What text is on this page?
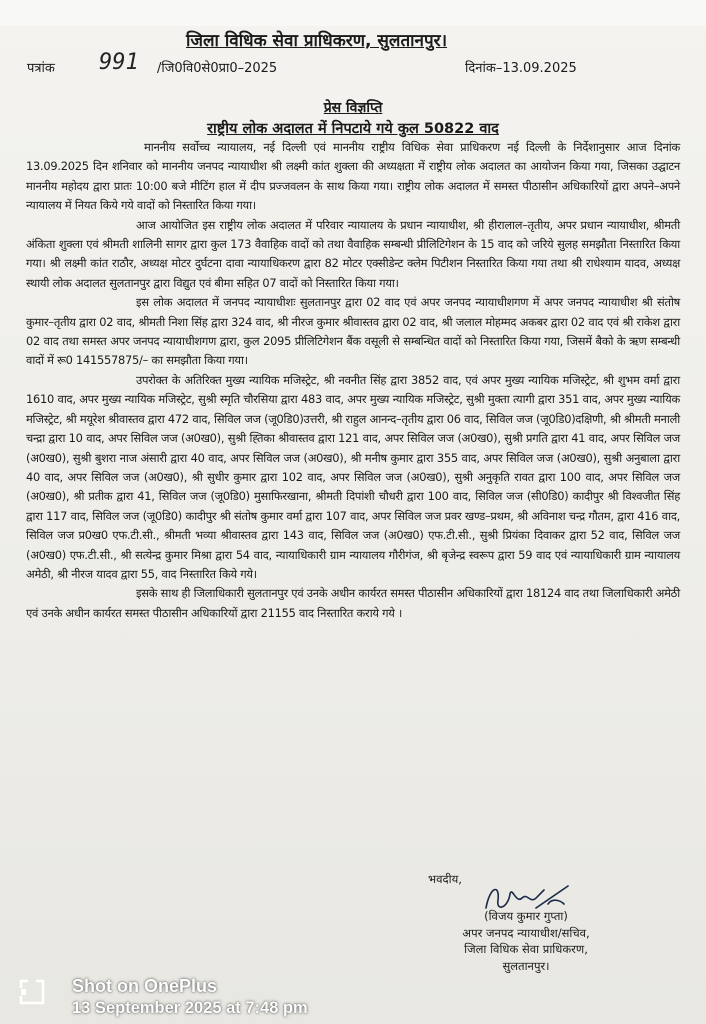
जिला विधिक सेवा प्राधिकरण, सुलतानपुर।
पत्रांक 991 /जि0वि0से0प्रा0–2025	दिनांक–13.09.2025
प्रेस विज्ञप्ति
राष्ट्रीय लोक अदालत में निपटाये गये कुल 50822 वाद

माननीय सर्वोच्च न्यायालय, नई दिल्ली एवं माननीय राष्ट्रीय विधिक सेवा प्राधिकरण नई दिल्ली के निर्देशानुसार आज दिनांक 13.09.2025 दिन शनिवार को माननीय जनपद न्यायाधीश श्री लक्ष्मी कांत शुक्ला की अध्यक्षता में राष्ट्रीय लोक अदालत का आयोजन किया गया, जिसका उद्घाटन माननीय महोदय द्वारा प्रातः 10:00 बजे मीटिंग हाल में दीप प्रज्जवलन के साथ किया गया। राष्ट्रीय लोक अदालत में समस्त पीठासीन अधिकारियों द्वारा अपने–अपने न्यायालय में नियत किये गये वादों को निस्तारित किया गया।

आज आयोजित इस राष्ट्रीय लोक अदालत में परिवार न्यायालय के प्रधान न्यायाधीश, श्री हीरालाल–तृतीय, अपर प्रधान न्यायाधीश, श्रीमती अंकिता शुक्ला एवं श्रीमती शालिनी सागर द्वारा कुल 173 वैवाहिक वादों को तथा वैवाहिक सम्बन्धी प्रीलिटिगेशन के 15 वाद को जरिये सुलह समझौता निस्तारित किया गया। श्री लक्ष्मी कांत राठौर, अध्यक्ष मोटर दुर्घटना दावा न्यायाधिकरण द्वारा 82 मोटर एक्सीडेन्ट क्लेम पिटीशन निस्तारित किया गया तथा श्री राधेश्याम यादव, अध्यक्ष स्थायी लोक अदालत सुलतानपुर द्वारा विद्युत एवं बीमा सहित 07 वादों को निस्तारित किया गया।

इस लोक अदालत में जनपद न्यायाधीशः सुलतानपुर द्वारा 02 वाद एवं अपर जनपद न्यायाधीशगण में अपर जनपद न्यायाधीश श्री संतोष कुमार–तृतीय द्वारा 02 वाद, श्रीमती निशा सिंह द्वारा 324 वाद, श्री नीरज कुमार श्रीवास्तव द्वारा 02 वाद, श्री जलाल मोहम्मद अकबर द्वारा 02 वाद एवं श्री राकेश द्वारा 02 वाद तथा समस्त अपर जनपद न्यायाधीशगण द्वारा, कुल 2095 प्रीलिटिगेशन बैंक वसूली से सम्बन्धित वादों को निस्तारित किया गया, जिसमें बैको के ऋण सम्बन्धी वादों में रू0 141557875/– का समझौता किया गया।

उपरोक्त के अतिरिक्त मुख्य न्यायिक मजिस्ट्रेट, श्री नवनीत सिंह द्वारा 3852 वाद, एवं अपर मुख्य न्यायिक मजिस्ट्रेट, श्री शुभम वर्मा द्वारा 1610 वाद, अपर मुख्य न्यायिक मजिस्ट्रेट, सुश्री स्मृति चौरसिया द्वारा 483 वाद, अपर मुख्य न्यायिक मजिस्ट्रेट, सुश्री मुक्ता त्यागी द्वारा 351 वाद, अपर मुख्य न्यायिक मजिस्ट्रेट, श्री मयूरेश श्रीवास्तव द्वारा 472 वाद, सिविल जज (जू0डि0)उत्तरी, श्री राहुल आनन्द–तृतीय द्वारा 06 वाद, सिविल जज (जू0डि0)दक्षिणी, श्री श्रीमती मनाली चन्द्रा द्वारा 10 वाद, अपर सिविल जज (अ0ख0), सुश्री ह्तिका श्रीवास्तव द्वारा 121 वाद, अपर सिविल जज (अ0ख0), सुश्री प्रगति द्वारा 41 वाद, अपर सिविल जज (अ0ख0), सुश्री बुशरा नाज अंसारी द्वारा 40 वाद, अपर सिविल जज (अ0ख0), श्री मनीष कुमार द्वारा 355 वाद, अपर सिविल जज (अ0ख0), सुश्री अनुबाला द्वारा 40 वाद, अपर सिविल जज (अ0ख0), श्री सुधीर कुमार द्वारा 102 वाद, अपर सिविल जज (अ0ख0), सुश्री अनुकृति रावत द्वारा 100 वाद, अपर सिविल जज (अ0ख0), श्री प्रतीक द्वारा 41, सिविल जज (जू0डि0) मुसाफिरखाना, श्रीमती दिपांशी चौधरी द्वारा 100 वाद, सिविल जज (सी0डि0) कादीपुर श्री विश्वजीत सिंह द्वारा 117 वाद, सिविल जज (जू0डि0) कादीपुर श्री संतोष कुमार वर्मा द्वारा 107 वाद, अपर सिविल जज प्रवर खण्ड–प्रथम, श्री अविनाश चन्द्र गौतम, द्वारा 416 वाद, सिविल जज प्र0ख0 एफ.टी.सी., श्रीमती भव्या श्रीवास्तव द्वारा 143 वाद, सिविल जज (अ0ख0) एफ.टी.सी., सुश्री प्रियंका दिवाकर द्वारा 52 वाद, सिविल जज (अ0ख0) एफ.टी.सी., श्री सत्येन्द्र कुमार मिश्रा द्वारा 54 वाद, न्यायाधिकारी ग्राम न्यायालय गौरीगंज, श्री बृजेन्द्र स्वरूप द्वारा 59 वाद एवं न्यायाधिकारी ग्राम न्यायालय अमेठी, श्री नीरज यादव द्वारा 55, वाद निस्तारित किये गये।

इसके साथ ही जिलाधिकारी सुलतानपुर एवं उनके अधीन कार्यरत समस्त पीठासीन अधिकारियों द्वारा 18124 वाद तथा जिलाधिकारी अमेठी एवं उनके अधीन कार्यरत समस्त पीठासीन अधिकारियों द्वारा 21155 वाद निस्तारित कराये गये ।

भवदीय,
(विजय कुमार गुप्ता)
अपर जनपद न्यायाधीश/सचिव,
जिला विधिक सेवा प्राधिकरण,
सुलतानपुर।
Shot on OnePlus
13 September 2025 at 7:48 pm
